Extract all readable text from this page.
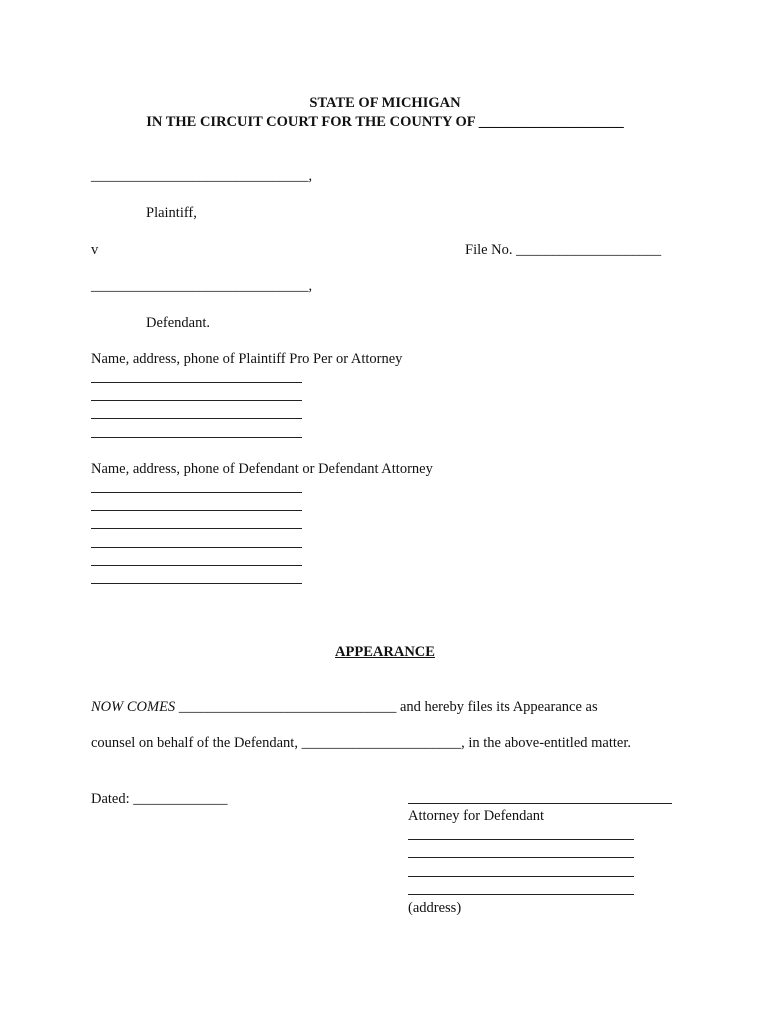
STATE OF MICHIGAN
IN THE CIRCUIT COURT FOR THE COUNTY OF ____________________
______________________________,
Plaintiff,
v	File No. ____________________
______________________________,
Defendant.
Name, address, phone of Plaintiff Pro Per or Attorney
Name, address, phone of Defendant or Defendant Attorney
APPEARANCE
NOW COMES ______________________________ and hereby files its Appearance as
counsel on behalf of the Defendant, ______________________, in the above-entitled matter.
Dated: _____________
Attorney for Defendant
(address)
